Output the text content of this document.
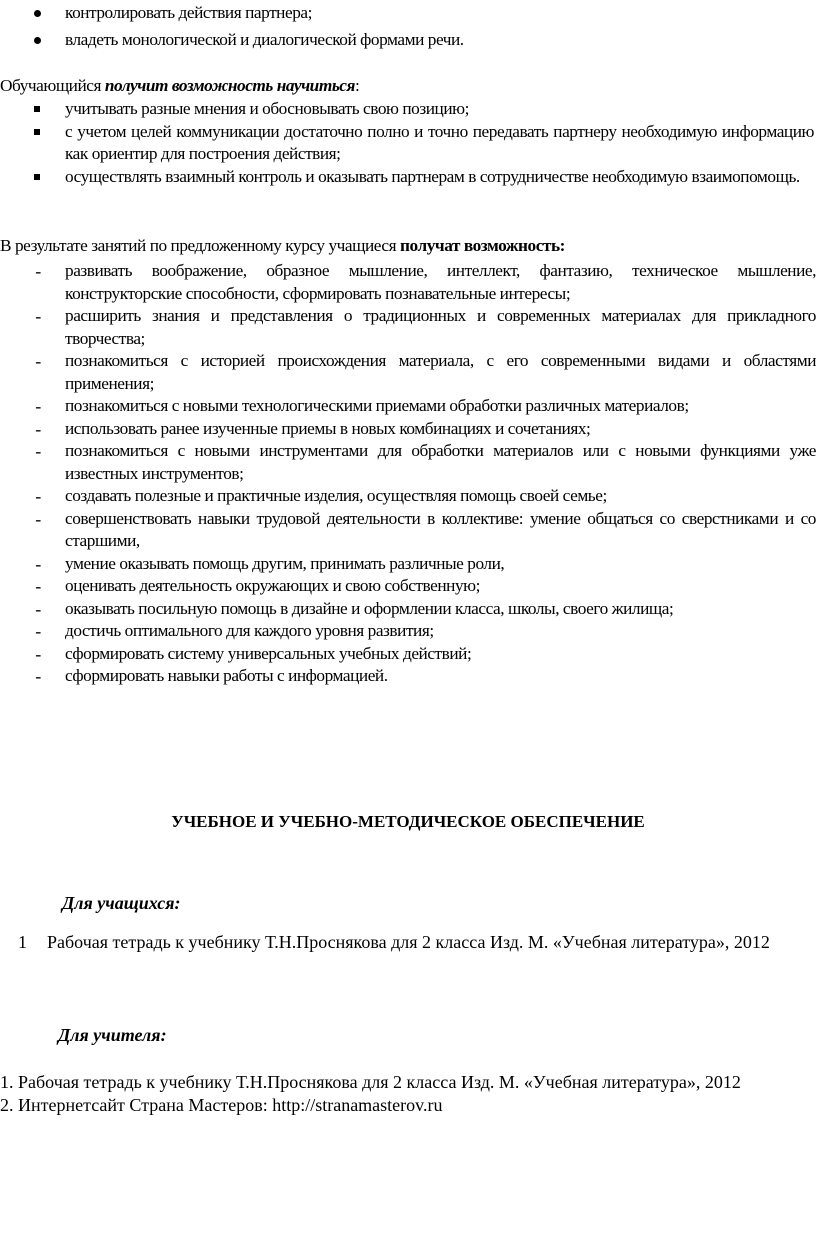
контролировать действия партнера;
владеть монологической и диалогической формами речи.
Обучающийся получит возможность научиться:
учитывать разные мнения и обосновывать свою позицию;
с учетом целей коммуникации достаточно полно и точно передавать партнеру необходимую информацию как ориентир для построения действия;
осуществлять взаимный контроль и оказывать партнерам в сотрудничестве необходимую взаимопомощь.
В результате занятий по предложенному курсу учащиеся получат возможность:
-	развивать воображение, образное мышление, интеллект, фантазию, техническое мышление, конструкторские способности, сформировать познавательные интересы;
-	расширить знания и представления о традиционных и современных материалах для прикладного творчества;
-	познакомиться с историей происхождения материала, с его современными видами и областями применения;
-	познакомиться с новыми технологическими приемами обработки различных материалов;
-	использовать ранее изученные приемы в новых комбинациях и сочетаниях;
-	познакомиться с новыми инструментами для обработки материалов или с новыми функциями уже известных инструментов;
-	создавать полезные и практичные изделия, осуществляя помощь своей семье;
-	совершенствовать навыки трудовой деятельности в коллективе: умение общаться со сверстниками и со старшими,
-	умение оказывать помощь другим, принимать различные роли,
-	оценивать деятельность окружающих и свою собственную;
-	оказывать посильную помощь в дизайне и оформлении класса, школы, своего жилища;
-	достичь оптимального для каждого уровня развития;
-	сформировать систему универсальных учебных действий;
-	сформировать навыки работы с информацией.
УЧЕБНОЕ И УЧЕБНО-МЕТОДИЧЕСКОЕ ОБЕСПЕЧЕНИЕ
Для учащихся:
1 Рабочая тетрадь к учебнику Т.Н.Проснякова для 2 класса Изд. М. «Учебная литература», 2012
Для учителя:
1. Рабочая тетрадь к учебнику Т.Н.Проснякова для 2 класса Изд. М. «Учебная литература», 2012
2. Интернетсайт Страна Мастеров: http://stranamasterov.ru
